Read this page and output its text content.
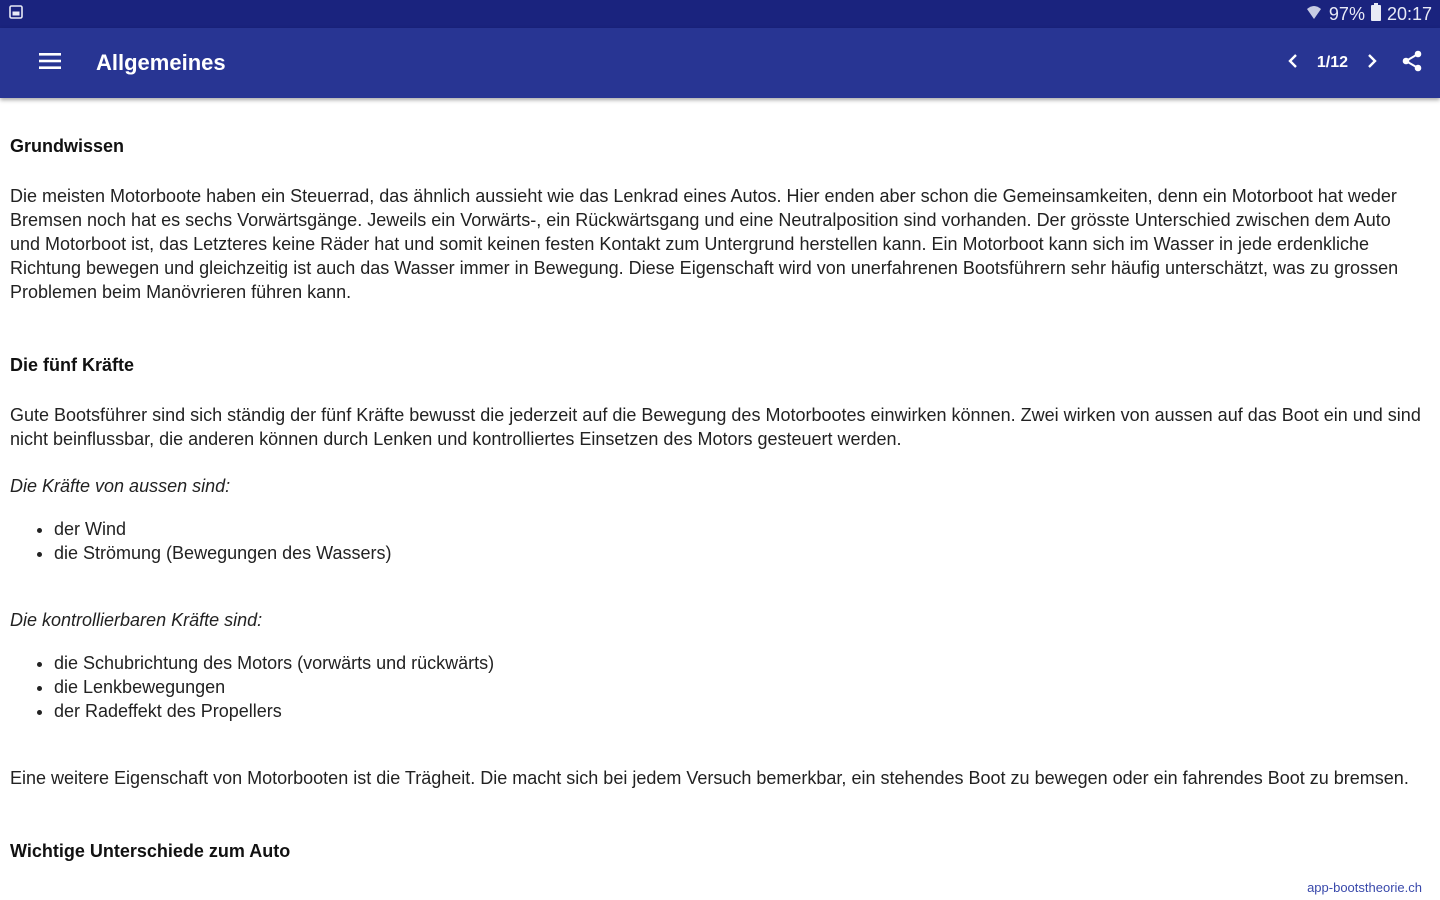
97% 20:17
Allgemeines	1/12
Grundwissen

Die meisten Motorboote haben ein Steuerrad, das ähnlich aussieht wie das Lenkrad eines Autos. Hier enden aber schon die Gemeinsamkeiten, denn ein Motorboot hat weder Bremsen noch hat es sechs Vorwärtsgänge. Jeweils ein Vorwärts-, ein Rückwärtsgang und eine Neutralposition sind vorhanden. Der grösste Unterschied zwischen dem Auto und Motorboot ist, das Letzteres keine Räder hat und somit keinen festen Kontakt zum Untergrund herstellen kann. Ein Motorboot kann sich im Wasser in jede erdenkliche Richtung bewegen und gleichzeitig ist auch das Wasser immer in Bewegung. Diese Eigenschaft wird von unerfahrenen Bootsführern sehr häufig unterschätzt, was zu grossen Problemen beim Manövrieren führen kann.

Die fünf Kräfte

Gute Bootsführer sind sich ständig der fünf Kräfte bewusst die jederzeit auf die Bewegung des Motorbootes einwirken können. Zwei wirken von aussen auf das Boot ein und sind nicht beinflussbar, die anderen können durch Lenken und kontrolliertes Einsetzen des Motors gesteuert werden.

Die Kräfte von aussen sind:

• der Wind
• die Strömung (Bewegungen des Wassers)

Die kontrollierbaren Kräfte sind:

• die Schubrichtung des Motors (vorwärts und rückwärts)
• die Lenkbewegungen
• der Radeffekt des Propellers

Eine weitere Eigenschaft von Motorbooten ist die Trägheit. Die macht sich bei jedem Versuch bemerkbar, ein stehendes Boot zu bewegen oder ein fahrendes Boot zu bremsen.

Wichtige Unterschiede zum Auto
app-bootstheorie.ch
